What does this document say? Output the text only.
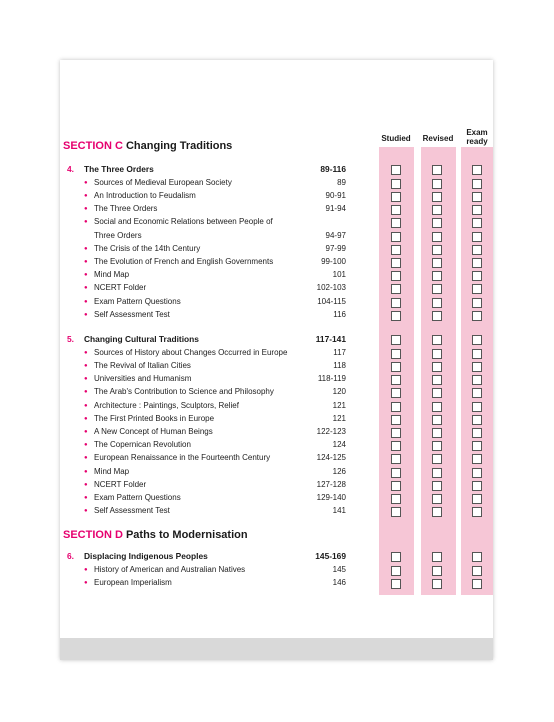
Studied Revised
Exam
ready
SECTION C Changing Traditions
SECTION D Paths to Modernisation
4. The Three Orders	89-116
● Sources of Medieval European Society	89
● An Introduction to Feudalism	90-91
● The Three Orders	91-94
● Social and Economic Relations between People of
Three Orders	94-97
● The Crisis of the 14th Century	97-99
● The Evolution of French and English Governments	99-100
● Mind Map	101
● NCERT Folder	102-103
● Exam Pattern Questions	104-115
● Self Assessment Test	116
5. Changing Cultural Traditions	117-141
● Sources of History about Changes Occurred in Europe	117
● The Revival of Italian Cities	118
● Universities and Humanism	118-119
● The Arab's Contribution to Science and Philosophy	120
● Architecture : Paintings, Sculptors, Relief	121
● The First Printed Books in Europe	121
● A New Concept of Human Beings	122-123
● The Copernican Revolution	124
● European Renaissance in the Fourteenth Century	124-125
● Mind Map	126
● NCERT Folder	127-128
● Exam Pattern Questions	129-140
● Self Assessment Test	141
6. Displacing Indigenous Peoples	145-169
● History of American and Australian Natives	145
● European Imperialism	146
